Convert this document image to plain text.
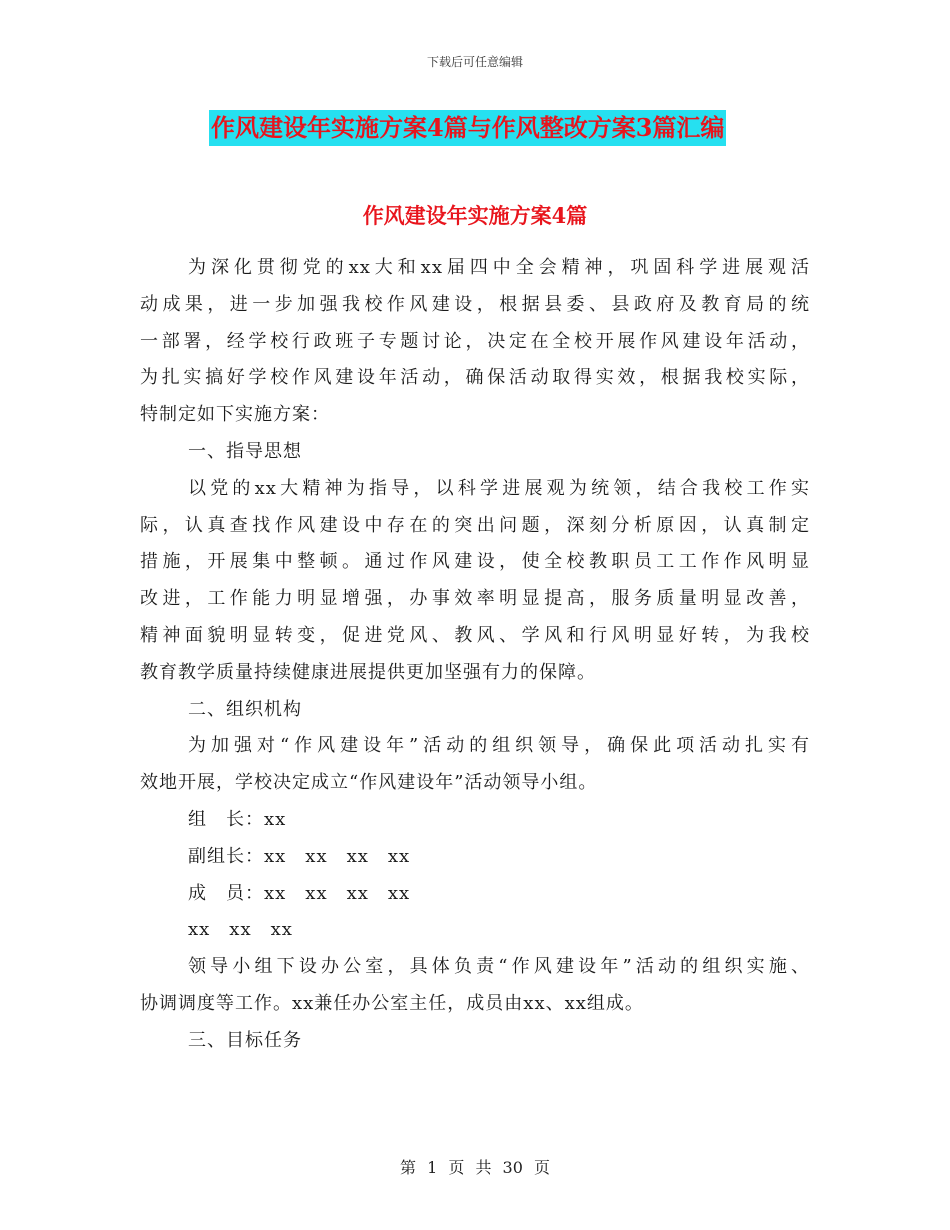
下载后可任意编辑
作风建设年实施方案4篇与作风整改方案3篇汇编
作风建设年实施方案4篇
为深化贯彻党的xx大和xx届四中全会精神，巩固科学进展观活
动成果，进一步加强我校作风建设，根据县委、县政府及教育局的统
一部署，经学校行政班子专题讨论，决定在全校开展作风建设年活动，
为扎实搞好学校作风建设年活动，确保活动取得实效，根据我校实际，
特制定如下实施方案：
一、指导思想
以党的xx大精神为指导，以科学进展观为统领，结合我校工作实
际，认真查找作风建设中存在的突出问题，深刻分析原因，认真制定
措施，开展集中整顿。通过作风建设，使全校教职员工工作作风明显
改进，工作能力明显增强，办事效率明显提高，服务质量明显改善，
精神面貌明显转变，促进党风、教风、学风和行风明显好转，为我校
教育教学质量持续健康进展提供更加坚强有力的保障。
二、组织机构
为加强对“作风建设年”活动的组织领导，确保此项活动扎实有
效地开展，学校决定成立“作风建设年”活动领导小组。
组　长：xx
副组长：xx　xx　xx　xx
成　员：xx　xx　xx　xx
xx　xx　xx
领导小组下设办公室，具体负责“作风建设年”活动的组织实施、
协调调度等工作。xx兼任办公室主任，成员由xx、xx组成。
三、目标任务
第 1 页 共 30 页
